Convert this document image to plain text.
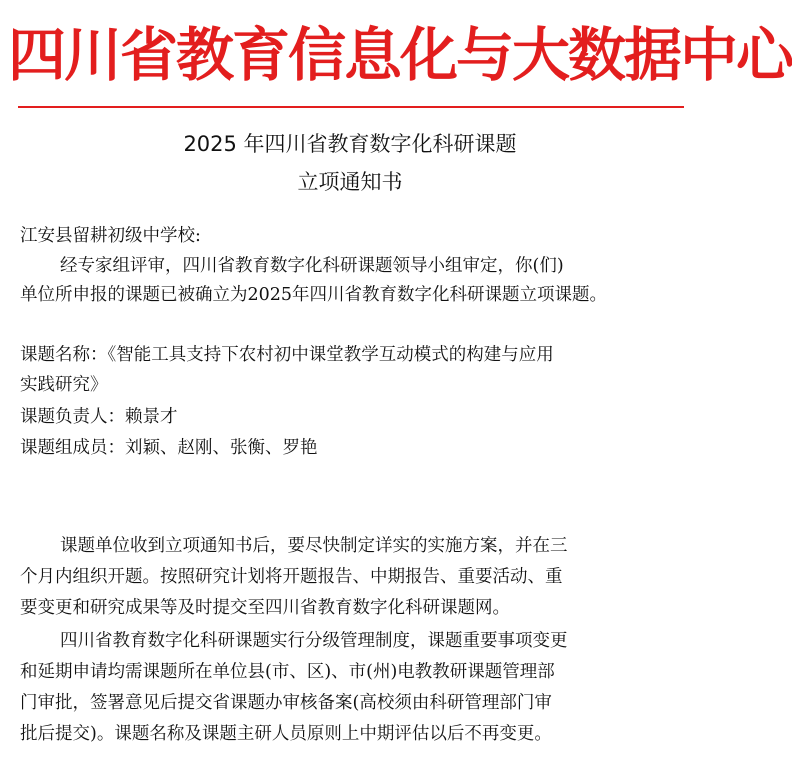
四川省教育信息化与大数据中心
2025 年四川省教育数字化科研课题
立项通知书
江安县留耕初级中学校:
经专家组评审，四川省教育数字化科研课题领导小组审定，你(们)
单位所申报的课题已被确立为2025年四川省教育数字化科研课题立项课题。
课题名称：《智能工具支持下农村初中课堂教学互动模式的构建与应用
实践研究》
课题负责人：赖景才
课题组成员：刘颖、赵刚、张衡、罗艳
课题单位收到立项通知书后，要尽快制定详实的实施方案，并在三
个月内组织开题。按照研究计划将开题报告、中期报告、重要活动、重
要变更和研究成果等及时提交至四川省教育数字化科研课题网。
四川省教育数字化科研课题实行分级管理制度，课题重要事项变更
和延期申请均需课题所在单位县(市、区)、市(州)电教教研课题管理部
门审批，签署意见后提交省课题办审核备案(高校须由科研管理部门审
批后提交)。课题名称及课题主研人员原则上中期评估以后不再变更。
